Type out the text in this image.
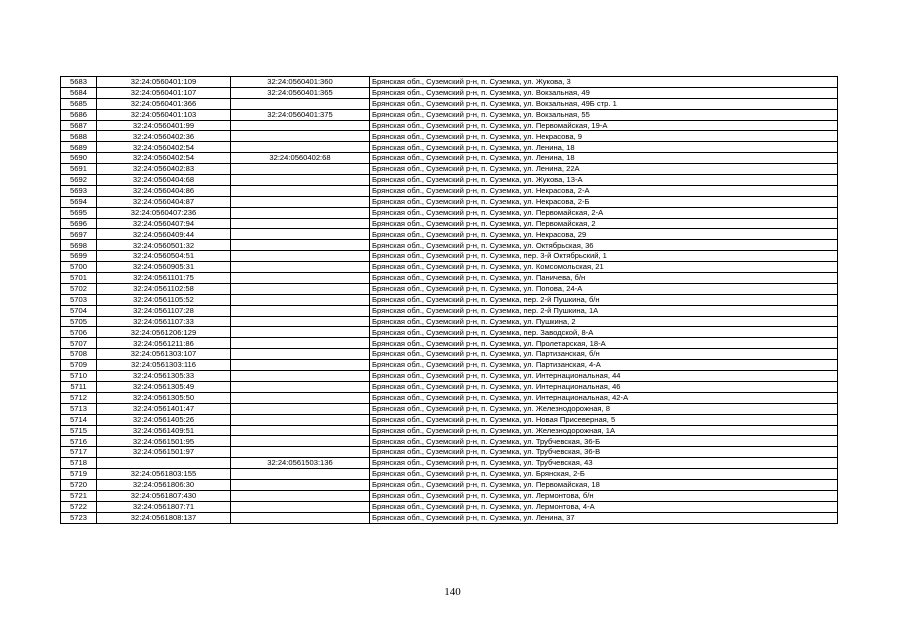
5683	32:24:0560401:109	32:24:0560401:360	Брянская обл., Суземский р-н, п. Суземка, ул. Жукова, 3
5684	32:24:0560401:107	32:24:0560401:365	Брянская обл., Суземский р-н, п. Суземка, ул. Вокзальная, 49
5685	32:24:0560401:366		Брянская обл., Суземский р-н, п. Суземка, ул. Вокзальная, 49Б стр. 1
5686	32:24:0560401:103	32:24:0560401:375	Брянская обл., Суземский р-н, п. Суземка, ул. Вокзальная, 55
5687	32:24:0560401:99		Брянская обл., Суземский р-н, п. Суземка, ул. Первомайская, 19-А
5688	32:24:0560402:36		Брянская обл., Суземский р-н, п. Суземка, ул. Некрасова, 9
5689	32:24:0560402:54		Брянская обл., Суземский р-н, п. Суземка, ул. Ленина, 18
5690	32:24:0560402:54	32:24:0560402:68	Брянская обл., Суземский р-н, п. Суземка, ул. Ленина, 18
5691	32:24:0560402:83		Брянская обл., Суземский р-н, п. Суземка, ул. Ленина, 22А
5692	32:24:0560404:68		Брянская обл., Суземский р-н, п. Суземка, ул. Жукова, 13-А
5693	32:24:0560404:86		Брянская обл., Суземский р-н, п. Суземка, ул. Некрасова, 2-А
5694	32:24:0560404:87		Брянская обл., Суземский р-н, п. Суземка, ул. Некрасова, 2-Б
5695	32:24:0560407:236		Брянская обл., Суземский р-н, п. Суземка, ул. Первомайская, 2-А
5696	32:24:0560407:94		Брянская обл., Суземский р-н, п. Суземка, ул. Первомайская, 2
5697	32:24:0560409:44		Брянская обл., Суземский р-н, п. Суземка, ул. Некрасова, 29
5698	32:24:0560501:32		Брянская обл., Суземский р-н, п. Суземка, ул. Октябрьская, 36
5699	32:24:0560504:51		Брянская обл., Суземский р-н, п. Суземка, пер. 3-й Октябрьский, 1
5700	32:24:0560905:31		Брянская обл., Суземский р-н, п. Суземка, ул. Комсомольская, 21
5701	32:24:0561101:75		Брянская обл., Суземский р-н, п. Суземка, ул. Паничева, б/н
5702	32:24:0561102:58		Брянская обл., Суземский р-н, п. Суземка, ул. Попова, 24-А
5703	32:24:0561105:52		Брянская обл., Суземский р-н, п. Суземка, пер. 2-й Пушкина, б/н
5704	32:24:0561107:28		Брянская обл., Суземский р-н, п. Суземка, пер. 2-й Пушкина, 1А
5705	32:24:0561107:33		Брянская обл., Суземский р-н, п. Суземка, ул. Пушкина, 2
5706	32:24:0561206:129		Брянская обл., Суземский р-н, п. Суземка, пер. Заводской, 8-А
5707	32:24:0561211:86		Брянская обл., Суземский р-н, п. Суземка, ул. Пролетарская, 18-А
5708	32:24:0561303:107		Брянская обл., Суземский р-н, п. Суземка, ул. Партизанская, б/н
5709	32:24:0561303:116		Брянская обл., Суземский р-н, п. Суземка, ул. Партизанская, 4-А
5710	32:24:0561305:33		Брянская обл., Суземский р-н, п. Суземка, ул. Интернациональная, 44
5711	32:24:0561305:49		Брянская обл., Суземский р-н, п. Суземка, ул. Интернациональная, 46
5712	32:24:0561305:50		Брянская обл., Суземский р-н, п. Суземка, ул. Интернациональная, 42-А
5713	32:24:0561401:47		Брянская обл., Суземский р-н, п. Суземка, ул. Железнодорожная, 8
5714	32:24:0561405:26		Брянская обл., Суземский р-н, п. Суземка, ул. Новая Присеверная, 5
5715	32:24:0561409:51		Брянская обл., Суземский р-н, п. Суземка, ул. Железнодорожная, 1А
5716	32:24:0561501:95		Брянская обл., Суземский р-н, п. Суземка, ул. Трубчевская, 36-Б
5717	32:24:0561501:97		Брянская обл., Суземский р-н, п. Суземка, ул. Трубчевская, 36-В
5718		32:24:0561503:136	Брянская обл., Суземский р-н, п. Суземка, ул. Трубчевская, 43
5719	32:24:0561803:155		Брянская обл., Суземский р-н, п. Суземка, ул. Брянская, 2-Б
5720	32:24:0561806:30		Брянская обл., Суземский р-н, п. Суземка, ул. Первомайская, 18
5721	32:24:0561807:430		Брянская обл., Суземский р-н, п. Суземка, ул. Лермонтова, б/н
5722	32:24:0561807:71		Брянская обл., Суземский р-н, п. Суземка, ул. Лермонтова, 4-А
5723	32:24:0561808:137		Брянская обл., Суземский р-н, п. Суземка, ул. Ленина, 37
140
